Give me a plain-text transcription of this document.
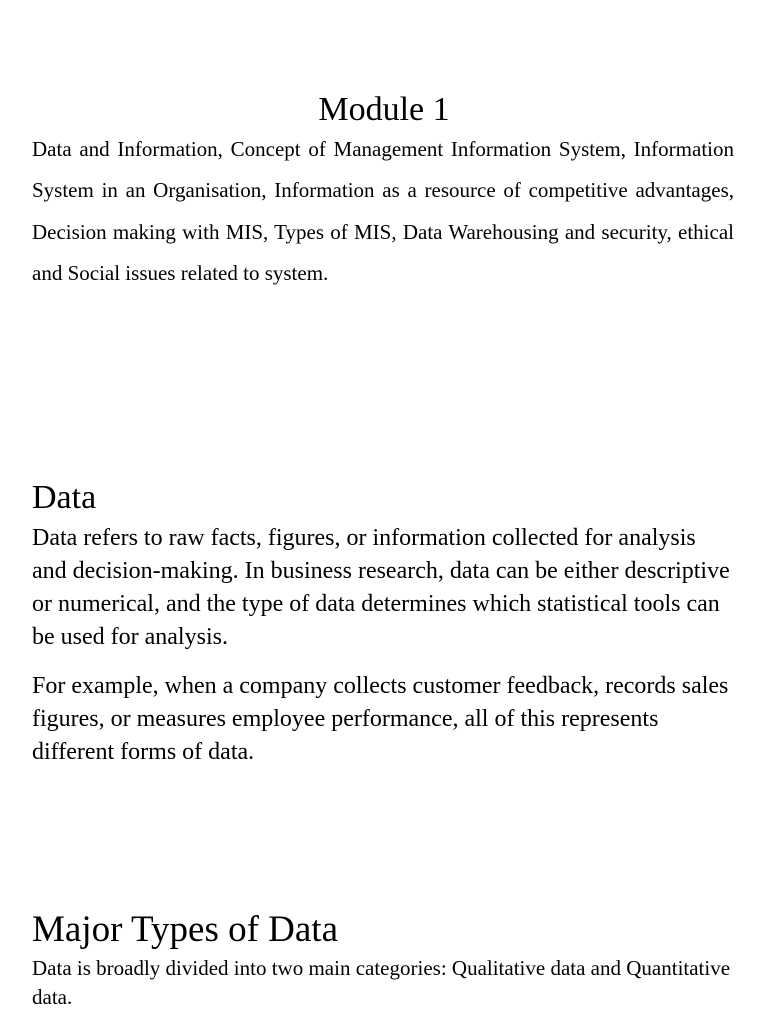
Module 1

Data and Information, Concept of Management Information System, Information System in an Organisation, Information as a resource of competitive advantages, Decision making with MIS, Types of MIS, Data Warehousing and security, ethical and Social issues related to system.

Data

Data refers to raw facts, figures, or information collected for analysis and decision-making. In business research, data can be either descriptive or numerical, and the type of data determines which statistical tools can be used for analysis.

For example, when a company collects customer feedback, records sales figures, or measures employee performance, all of this represents different forms of data.

Major Types of Data

Data is broadly divided into two main categories: Qualitative data and Quantitative data.
